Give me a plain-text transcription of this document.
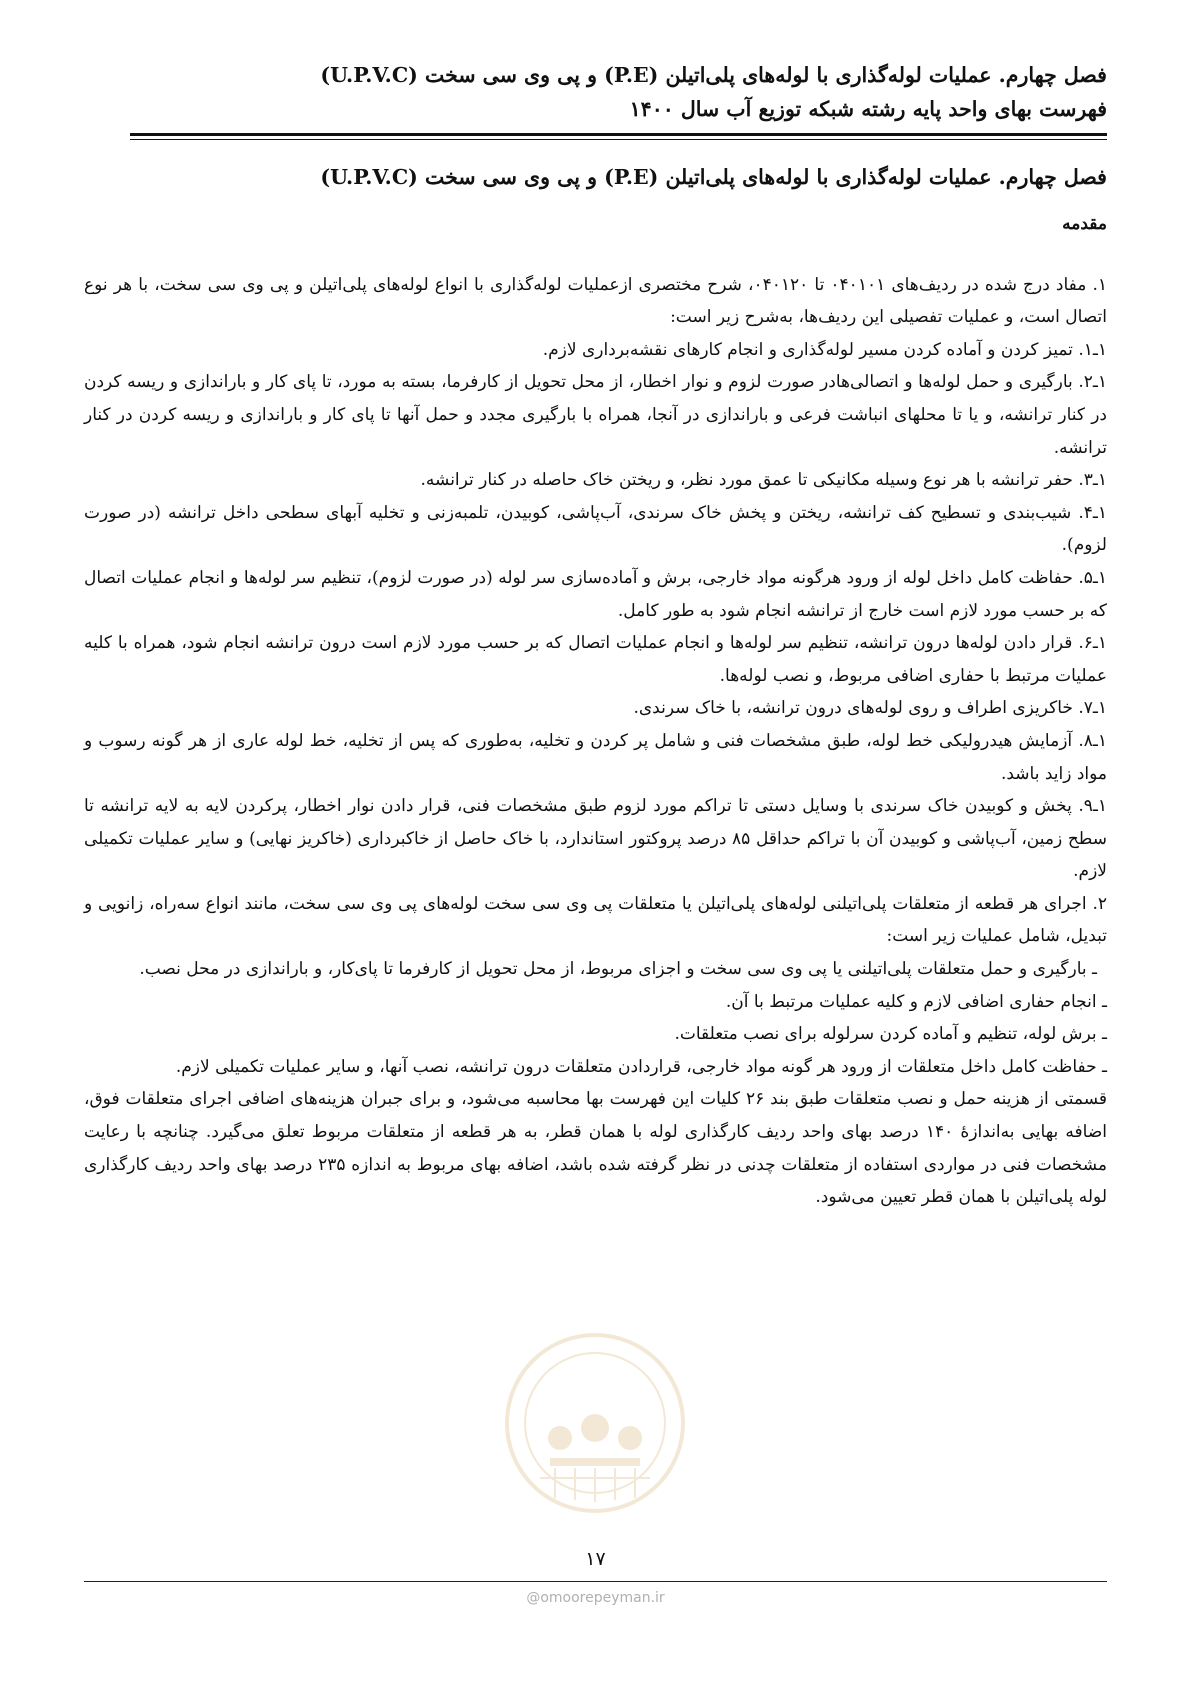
فصل چهارم. عملیات لوله‌گذاری با لوله‌های پلی‌اتیلن (P.E) و پی وی سی سخت (U.P.V.C)
فهرست بهای واحد پایه رشته شبکه توزیع آب سال ۱۴۰۰
فصل چهارم. عملیات لوله‌گذاری با لوله‌های پلی‌اتیلن (P.E) و پی وی سی سخت (U.P.V.C)
مقدمه

۱. مفاد درج شده در ردیف‌های ۰۴۰۱۰۱ تا ۰۴۰۱۲۰، شرح مختصری ازعملیات لوله‌گذاری با انواع لوله‌های پلی‌اتیلن و پی وی سی سخت، با هر نوع اتصال است، و عملیات تفصیلی این ردیف‌ها، به‌شرح زیر است:

۱ـ۱. تمیز کردن و آماده کردن مسیر لوله‌گذاری و انجام کارهای نقشه‌برداری لازم.

۱ـ۲. بارگیری و حمل لوله‌ها و اتصالی‌هادر صورت لزوم و نوار اخطار، از محل تحویل از کارفرما، بسته به مورد، تا پای کار و باراندازی و ریسه کردن در کنار ترانشه، و یا تا محلهای انباشت فرعی و باراندازی در آنجا، همراه با بارگیری مجدد و حمل آنها تا پای کار و باراندازی و ریسه کردن در کنار ترانشه.

۱ـ۳. حفر ترانشه با هر نوع وسیله مکانیکی تا عمق مورد نظر، و ریختن خاک حاصله در کنار ترانشه.

۱ـ۴. شیب‌بندی و تسطیح کف ترانشه، ریختن و پخش خاک سرندی، آب‌پاشی، کوبیدن، تلمبه‌زنی و تخلیه آبهای سطحی داخل ترانشه (در صورت لزوم).

۱ـ۵. حفاظت کامل داخل لوله از ورود هرگونه مواد خارجی، برش و آماده‌سازی سر لوله (در صورت لزوم)، تنظیم سر لوله‌ها و انجام عملیات اتصال که بر حسب مورد لازم است خارج از ترانشه انجام شود به طور کامل.

۱ـ۶. قرار دادن لوله‌ها درون ترانشه، تنظیم سر لوله‌ها و انجام عملیات اتصال که بر حسب مورد لازم است درون ترانشه انجام شود، همراه با کلیه عملیات مرتبط با حفاری اضافی مربوط، و نصب لوله‌ها.

۱ـ۷. خاکریزی اطراف و روی لوله‌های درون ترانشه، با خاک سرندی.

۱ـ۸. آزمایش هیدرولیکی خط لوله، طبق مشخصات فنی و شامل پر کردن و تخلیه، به‌طوری که پس از تخلیه، خط لوله عاری از هر گونه رسوب و مواد زاید باشد.

۱ـ۹. پخش و کوبیدن خاک سرندی با وسایل دستی تا تراکم مورد لزوم طبق مشخصات فنی، قرار دادن نوار اخطار، پرکردن لایه به لایه ترانشه تا سطح زمین، آب‌پاشی و کوبیدن آن با تراکم حداقل ۸۵ درصد پروکتور استاندارد، با خاک حاصل از خاکبرداری (خاکریز نهایی) و سایر عملیات تکمیلی لازم.

۲. اجرای هر قطعه از متعلقات پلی‌اتیلنی لوله‌های پلی‌اتیلن یا متعلقات پی وی سی سخت لوله‌های پی وی سی سخت، مانند انواع سه‌راه، زانویی و تبدیل، شامل عملیات زیر است:

ـ بارگیری و حمل متعلقات پلی‌اتیلنی یا پی وی سی سخت و اجزای مربوط، از محل تحویل از کارفرما تا پای‌کار، و باراندازی در محل نصب.

ـ انجام حفاری اضافی لازم و کلیه عملیات مرتبط با آن.

ـ برش لوله، تنظیم و آماده کردن سرلوله برای نصب متعلقات.

ـ حفاظت کامل داخل متعلقات از ورود هر گونه مواد خارجی، قراردادن متعلقات درون ترانشه، نصب آنها، و سایر عملیات تکمیلی لازم.

قسمتی از هزینه حمل و نصب متعلقات طبق بند ۲۶ کلیات این فهرست بها محاسبه می‌شود، و برای جبران هزینه‌های اضافی اجرای متعلقات فوق، اضافه بهایی به‌اندازهٔ ۱۴۰ درصد بهای واحد ردیف کارگذاری لوله با همان قطر، به هر قطعه از متعلقات مربوط تعلق می‌گیرد. چنانچه با رعایت مشخصات فنی در مواردی استفاده از متعلقات چدنی در نظر گرفته شده باشد، اضافه بهای مربوط به اندازه ۲۳۵ درصد بهای واحد ردیف کارگذاری لوله پلی‌اتیلن با همان قطر تعیین می‌شود.

۱۷
@omoorepeyman.ir
